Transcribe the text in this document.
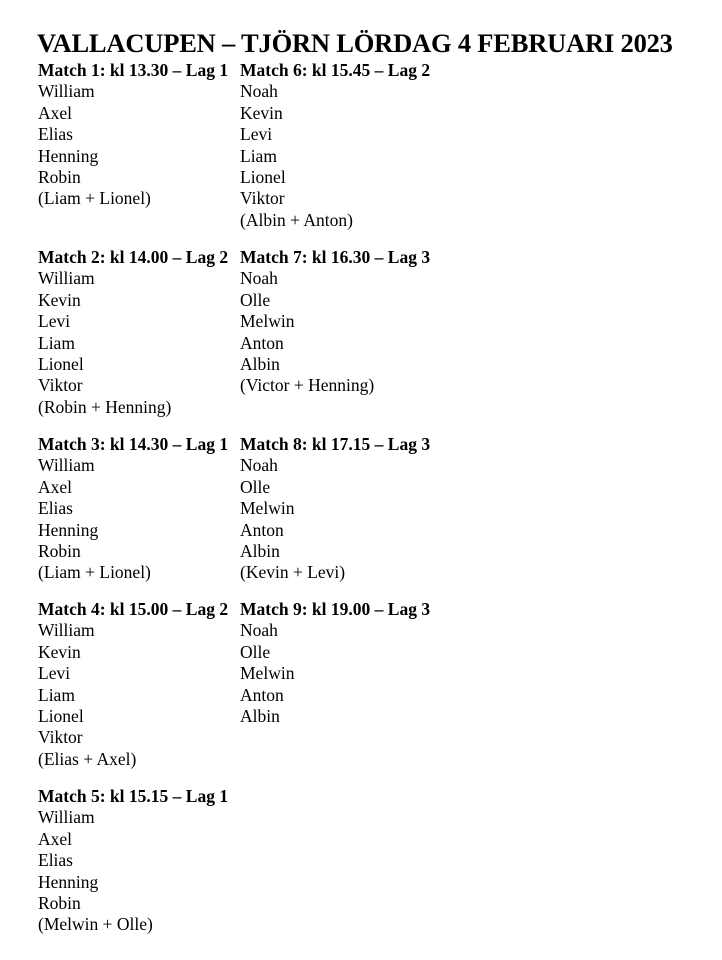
VALLACUPEN – TJÖRN LÖRDAG 4 FEBRUARI 2023
Match 1: kl 13.30 – Lag 1
William
Axel
Elias
Henning
Robin
(Liam + Lionel)
Match 2: kl 14.00 – Lag 2
William
Kevin
Levi
Liam
Lionel
Viktor
(Robin + Henning)
Match 3: kl 14.30 – Lag 1
William
Axel
Elias
Henning
Robin
(Liam + Lionel)
Match 4: kl 15.00 – Lag 2
William
Kevin
Levi
Liam
Lionel
Viktor
(Elias + Axel)
Match 5: kl 15.15 – Lag 1
William
Axel
Elias
Henning
Robin
(Melwin + Olle)
Match 6: kl 15.45 – Lag 2
Noah
Kevin
Levi
Liam
Lionel
Viktor
(Albin + Anton)
Match 7: kl 16.30 – Lag 3
Noah
Olle
Melwin
Anton
Albin
(Victor + Henning)
Match 8: kl 17.15 – Lag 3
Noah
Olle
Melwin
Anton
Albin
(Kevin + Levi)
Match 9: kl 19.00 – Lag 3
Noah
Olle
Melwin
Anton
Albin
